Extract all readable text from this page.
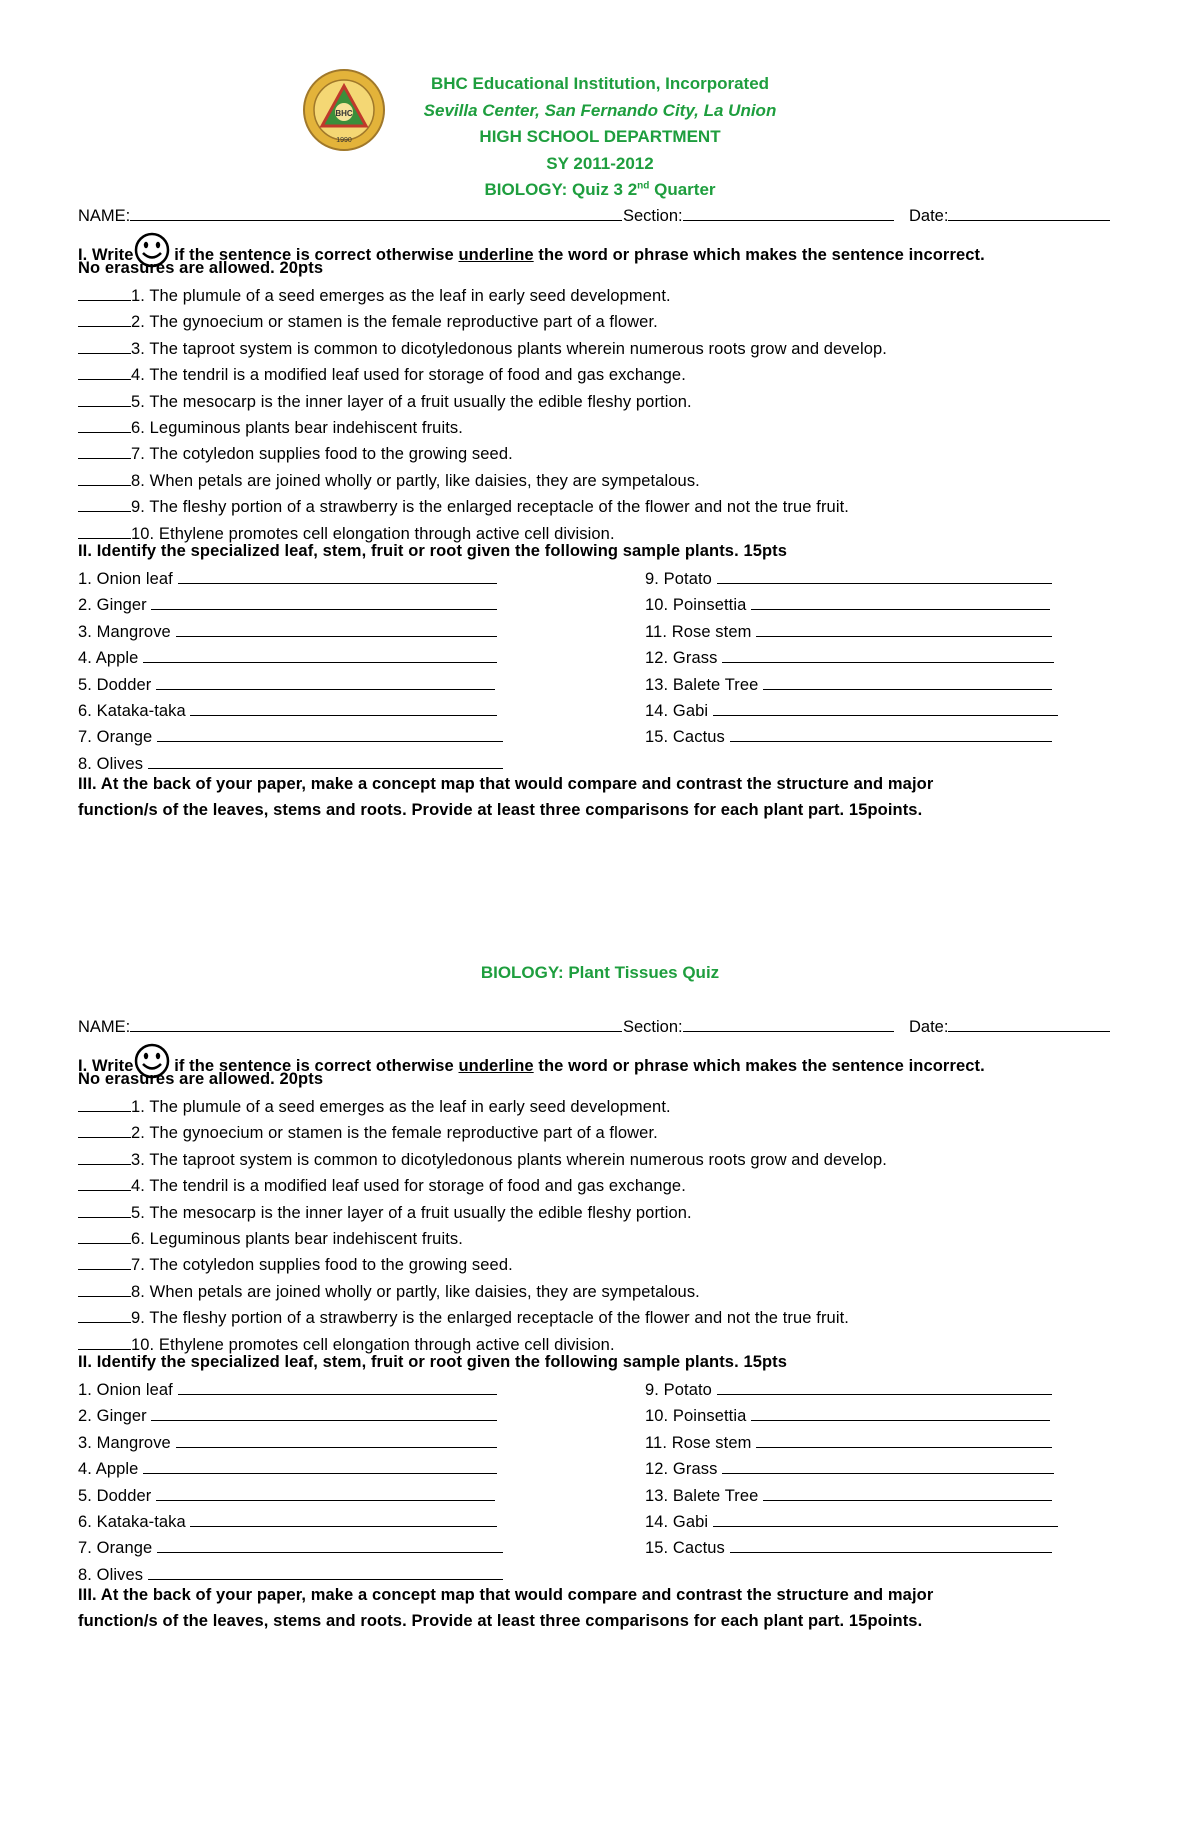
BHC
1990
BHC Educational Institution, Incorporated
Sevilla Center, San Fernando City, La Union
HIGH SCHOOL DEPARTMENT
SY 2011-2012
BIOLOGY: Quiz 3 2nd Quarter
NAME:	Section:	Date:
I. Write if the sentence is correct otherwise underline the word or phrase which makes the sentence incorrect.
No erasures are allowed. 20pts
1. The plumule of a seed emerges as the leaf in early seed development.
2. The gynoecium or stamen is the female reproductive part of a flower.
3. The taproot system is common to dicotyledonous plants wherein numerous roots grow and develop.
4. The tendril is a modified leaf used for storage of food and gas exchange.
5. The mesocarp is the inner layer of a fruit usually the edible fleshy portion.
6. Leguminous plants bear indehiscent fruits.
7. The cotyledon supplies food to the growing seed.
8. When petals are joined wholly or partly, like daisies, they are sympetalous.
9. The fleshy portion of a strawberry is the enlarged receptacle of the flower and not the true fruit.
10. Ethylene promotes cell elongation through active cell division.
II. Identify the specialized leaf, stem, fruit or root given the following sample plants. 15pts
1. Onion leaf
2. Ginger
3. Mangrove
4. Apple
5. Dodder
6. Kataka-taka
7. Orange
8. Olives
9. Potato
10. Poinsettia
11. Rose stem
12. Grass
13. Balete Tree
14. Gabi
15. Cactus
III. At the back of your paper, make a concept map that would compare and contrast the structure and major
function/s of the leaves, stems and roots. Provide at least three comparisons for each plant part. 15points.
BIOLOGY: Plant Tissues Quiz
NAME:	Section:	Date:
I. Write if the sentence is correct otherwise underline the word or phrase which makes the sentence incorrect.
No erasures are allowed. 20pts
1. The plumule of a seed emerges as the leaf in early seed development.
2. The gynoecium or stamen is the female reproductive part of a flower.
3. The taproot system is common to dicotyledonous plants wherein numerous roots grow and develop.
4. The tendril is a modified leaf used for storage of food and gas exchange.
5. The mesocarp is the inner layer of a fruit usually the edible fleshy portion.
6. Leguminous plants bear indehiscent fruits.
7. The cotyledon supplies food to the growing seed.
8. When petals are joined wholly or partly, like daisies, they are sympetalous.
9. The fleshy portion of a strawberry is the enlarged receptacle of the flower and not the true fruit.
10. Ethylene promotes cell elongation through active cell division.
II. Identify the specialized leaf, stem, fruit or root given the following sample plants. 15pts
1. Onion leaf
2. Ginger
3. Mangrove
4. Apple
5. Dodder
6. Kataka-taka
7. Orange
8. Olives
9. Potato
10. Poinsettia
11. Rose stem
12. Grass
13. Balete Tree
14. Gabi
15. Cactus
III. At the back of your paper, make a concept map that would compare and contrast the structure and major
function/s of the leaves, stems and roots. Provide at least three comparisons for each plant part. 15points.
